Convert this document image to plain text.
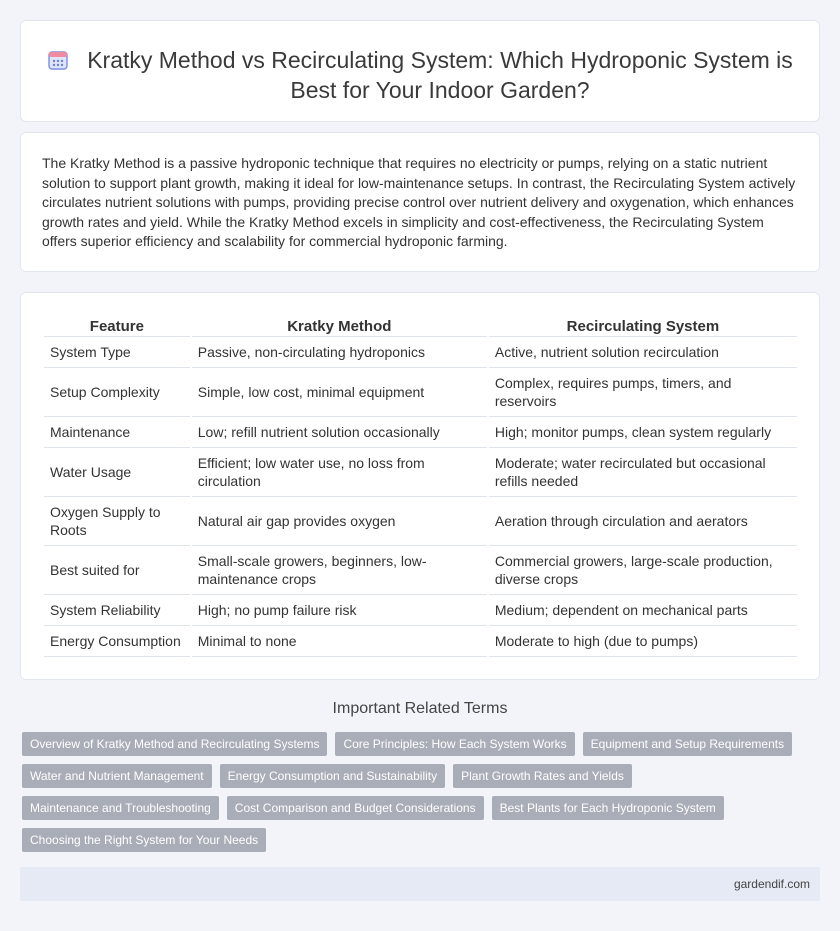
Kratky Method vs Recirculating System: Which Hydroponic System is Best for Your Indoor Garden?

The Kratky Method is a passive hydroponic technique that requires no electricity or pumps, relying on a static nutrient solution to support plant growth, making it ideal for low-maintenance setups. In contrast, the Recirculating System actively circulates nutrient solutions with pumps, providing precise control over nutrient delivery and oxygenation, which enhances growth rates and yield. While the Kratky Method excels in simplicity and cost-effectiveness, the Recirculating System offers superior efficiency and scalability for commercial hydroponic farming.

Feature	Kratky Method	Recirculating System
System Type	Passive, non-circulating hydroponics	Active, nutrient solution recirculation
Setup Complexity	Simple, low cost, minimal equipment	Complex, requires pumps, timers, and reservoirs
Maintenance	Low; refill nutrient solution occasionally	High; monitor pumps, clean system regularly
Water Usage	Efficient; low water use, no loss from circulation	Moderate; water recirculated but occasional refills needed
Oxygen Supply to Roots	Natural air gap provides oxygen	Aeration through circulation and aerators
Best suited for	Small-scale growers, beginners, low-maintenance crops	Commercial growers, large-scale production, diverse crops
System Reliability	High; no pump failure risk	Medium; dependent on mechanical parts
Energy Consumption	Minimal to none	Moderate to high (due to pumps)
Important Related Terms
Overview of Kratky Method and Recirculating Systems	Core Principles: How Each System Works	Equipment and Setup Requirements
Water and Nutrient Management	Energy Consumption and Sustainability	Plant Growth Rates and Yields
Maintenance and Troubleshooting	Cost Comparison and Budget Considerations	Best Plants for Each Hydroponic System
Choosing the Right System for Your Needs
gardendif.com
